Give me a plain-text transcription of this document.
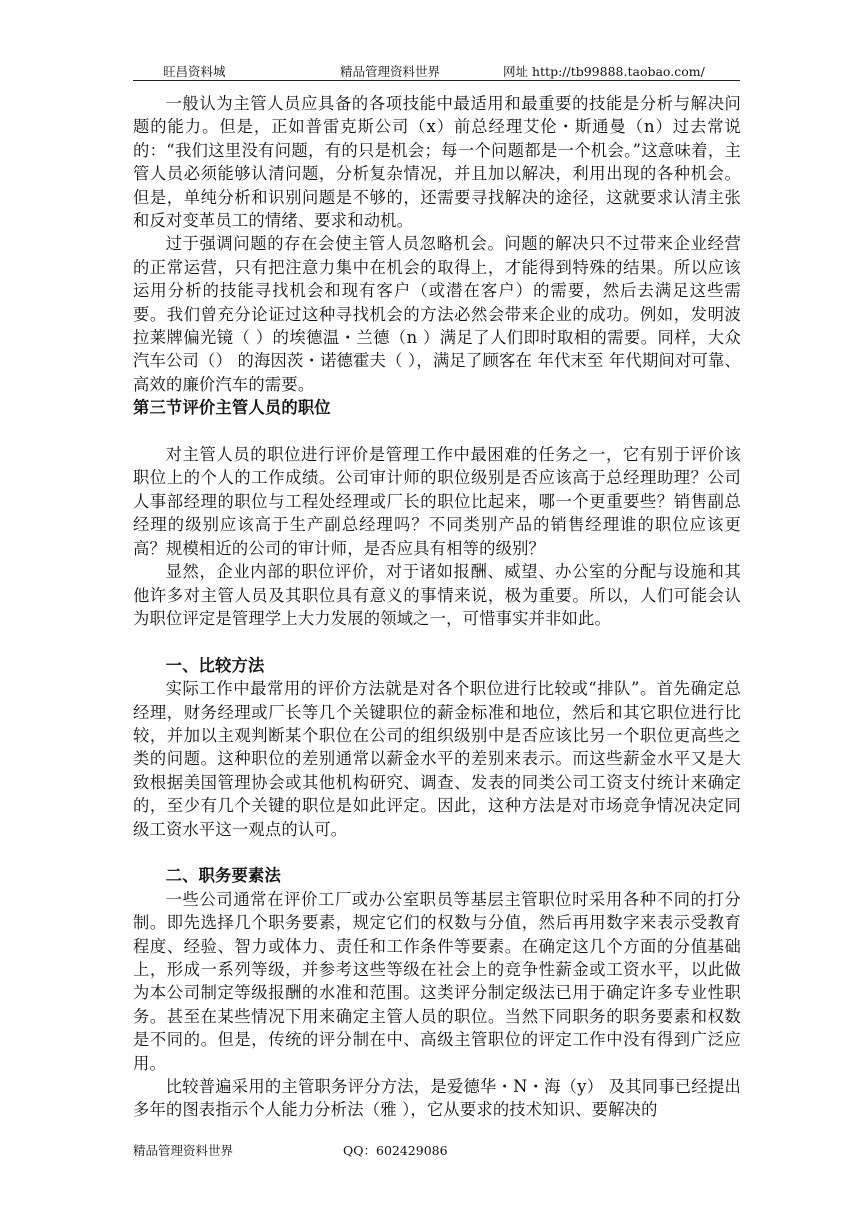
旺昌资料城	精品管理资料世界	网址 http://tb99888.taobao.com/

一般认为主管人员应具备的各项技能中最适用和最重要的技能是分析与解决问题的能力。但是，正如普雷克斯公司（x）前总经理艾伦・斯通曼（n）过去常说的：“我们这里没有问题，有的只是机会；每一个问题都是一个机会。”这意味着，主管人员必须能够认清问题，分析复杂情况，并且加以解决，利用出现的各种机会。但是，单纯分析和识别问题是不够的，还需要寻找解决的途径，这就要求认清主张和反对变革员工的情绪、要求和动机。

过于强调问题的存在会使主管人员忽略机会。问题的解决只不过带来企业经营的正常运营，只有把注意力集中在机会的取得上，才能得到特殊的结果。所以应该运用分析的技能寻找机会和现有客户（或潜在客户）的需要，然后去满足这些需要。我们曾充分论证过这种寻找机会的方法必然会带来企业的成功。例如，发明波拉莱牌偏光镜（ ）的埃德温・兰德（n ）满足了人们即时取相的需要。同样，大众汽车公司（） 的海因茨・诺德霍夫（ ），满足了顾客在 年代末至 年代期间对可靠、高效的廉价汽车的需要。

第三节评价主管人员的职位

对主管人员的职位进行评价是管理工作中最困难的任务之一，它有别于评价该职位上的个人的工作成绩。公司审计师的职位级别是否应该高于总经理助理？公司人事部经理的职位与工程处经理或厂长的职位比起来，哪一个更重要些？销售副总经理的级别应该高于生产副总经理吗？不同类别产品的销售经理谁的职位应该更高？规模相近的公司的审计师，是否应具有相等的级别？

显然，企业内部的职位评价，对于诸如报酬、威望、办公室的分配与设施和其他许多对主管人员及其职位具有意义的事情来说，极为重要。所以，人们可能会认为职位评定是管理学上大力发展的领域之一，可惜事实并非如此。

一、比较方法

实际工作中最常用的评价方法就是对各个职位进行比较或“排队”。首先确定总经理，财务经理或厂长等几个关键职位的薪金标准和地位，然后和其它职位进行比较，并加以主观判断某个职位在公司的组织级别中是否应该比另一个职位更高些之类的问题。这种职位的差别通常以薪金水平的差别来表示。而这些薪金水平又是大致根据美国管理协会或其他机构研究、调查、发表的同类公司工资支付统计来确定的，至少有几个关键的职位是如此评定。因此，这种方法是对市场竞争情况决定同级工资水平这一观点的认可。

二、职务要素法

一些公司通常在评价工厂或办公室职员等基层主管职位时采用各种不同的打分制。即先选择几个职务要素，规定它们的权数与分值，然后再用数字来表示受教育程度、经验、智力或体力、责任和工作条件等要素。在确定这几个方面的分值基础上，形成一系列等级，并参考这些等级在社会上的竞争性薪金或工资水平，以此做为本公司制定等级报酬的水准和范围。这类评分制定级法已用于确定许多专业性职务。甚至在某些情况下用来确定主管人员的职位。当然下同职务的职务要素和权数是不同的。但是，传统的评分制在中、高级主管职位的评定工作中没有得到广泛应用。

比较普遍采用的主管职务评分方法，是爱德华・N・海（y） 及其同事已经提出多年的图表指示个人能力分析法（雅 ），它从要求的技术知识、要解决的

精品管理资料世界	QQ：602429086
